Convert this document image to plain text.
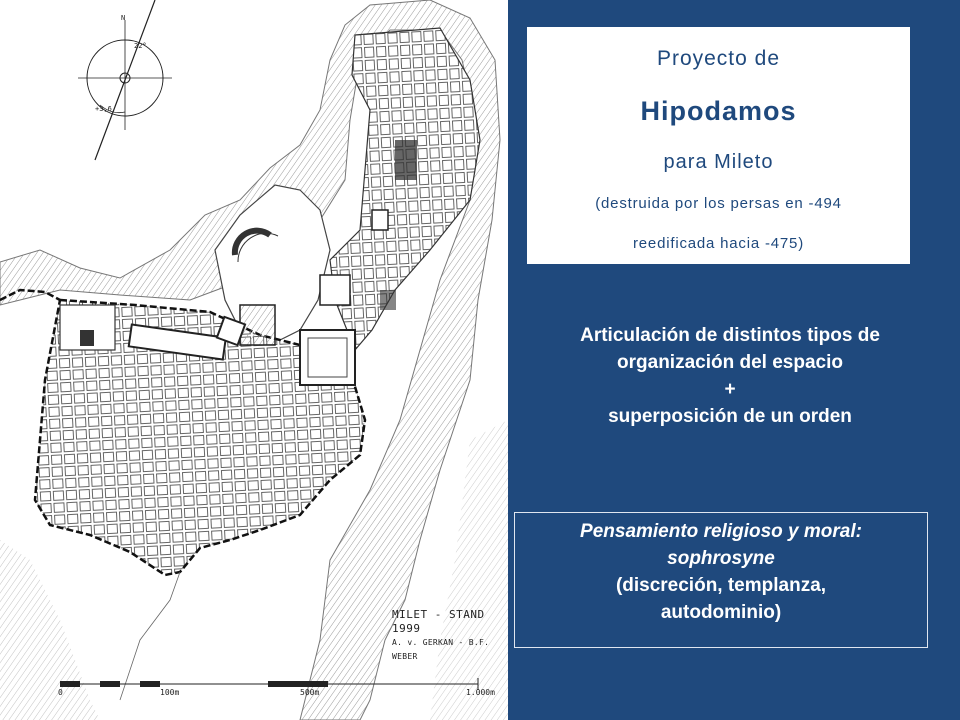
N
22°
+3,6
MILET - STAND 1999
A. v. GERKAN - B.F. WEBER
0	100m	500m	1.000m
Proyecto de
Hipodamos
para Mileto
(destruida por los persas en -494
reedificada hacia -475)
Articulación de distintos tipos de
organización del espacio
+
superposición de un orden
Pensamiento religioso y moral:
sophrosyne
(discreción, templanza,
autodominio)
